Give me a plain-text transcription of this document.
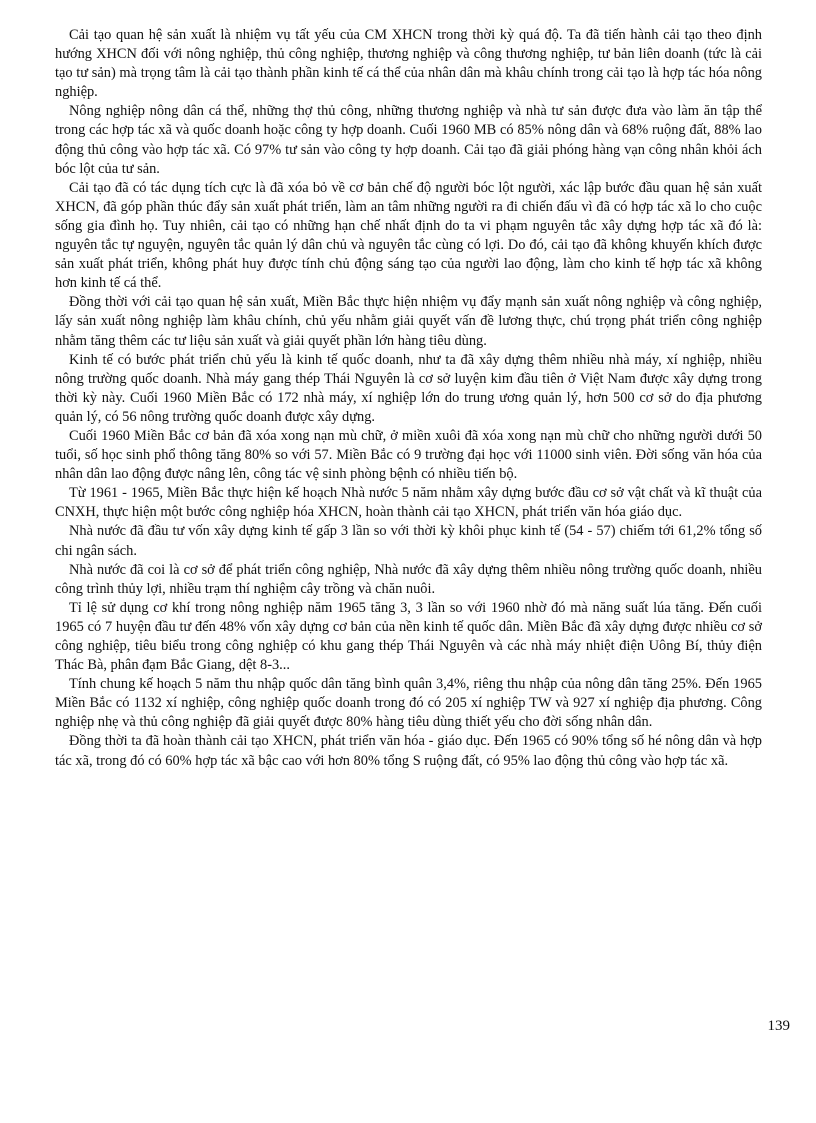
Cải tạo quan hệ sản xuất là nhiệm vụ tất yếu của CM XHCN trong thời kỳ quá độ. Ta đã tiến hành cải tạo theo định hướng XHCN đối với nông nghiệp, thủ công nghiệp, thương nghiệp và công thương nghiệp, tư bản liên doanh (tức là cải tạo tư sản) mà trọng tâm là cải tạo thành phần kinh tế cá thể của nhân dân mà khâu chính trong cải tạo là hợp tác hóa nông nghiệp.

Nông nghiệp nông dân cá thể, những thợ thủ công, những thương nghiệp và nhà tư sản được đưa vào làm ăn tập thể trong các hợp tác xã và quốc doanh hoặc công ty hợp doanh. Cuối 1960 MB có 85% nông dân và 68% ruộng đất, 88% lao động thủ công vào hợp tác xã. Có 97% tư sản vào công ty hợp doanh. Cải tạo đã giải phóng hàng vạn công nhân khỏi ách bóc lột của tư sản.

Cải tạo đã có tác dụng tích cực là đã xóa bỏ về cơ bản chế độ người bóc lột người, xác lập bước đầu quan hệ sản xuất XHCN, đã góp phần thúc đẩy sản xuất phát triển, làm an tâm những người ra đi chiến đấu vì đã có hợp tác xã lo cho cuộc sống gia đình họ. Tuy nhiên, cải tạo có những hạn chế nhất định do ta vi phạm nguyên tắc xây dựng hợp tác xã đó là: nguyên tắc tự nguyện, nguyên tắc quản lý dân chủ và nguyên tắc cùng có lợi. Do đó, cải tạo đã không khuyến khích được sản xuất phát triển, không phát huy được tính chủ động sáng tạo của người lao động, làm cho kinh tế hợp tác xã không hơn kinh tế cá thể.

Đồng thời với cải tạo quan hệ sản xuất, Miền Bắc thực hiện nhiệm vụ đẩy mạnh sản xuất nông nghiệp và công nghiệp, lấy sản xuất nông nghiệp làm khâu chính, chủ yếu nhằm giải quyết vấn đề lương thực, chú trọng phát triển công nghiệp nhằm tăng thêm các tư liệu sản xuất và giải quyết phần lớn hàng tiêu dùng.

Kinh tế có bước phát triển chủ yếu là kinh tế quốc doanh, như ta đã xây dựng thêm nhiều nhà máy, xí nghiệp, nhiều nông trường quốc doanh. Nhà máy gang thép Thái Nguyên là cơ sở luyện kim đầu tiên ở Việt Nam được xây dựng trong thời kỳ này. Cuối 1960 Miền Bắc có 172 nhà máy, xí nghiệp lớn do trung ương quản lý, hơn 500 cơ sở do địa phương quản lý, có 56 nông trường quốc doanh được xây dựng.

Cuối 1960 Miền Bắc cơ bản đã xóa xong nạn mù chữ, ở miền xuôi đã xóa xong nạn mù chữ cho những người dưới 50 tuổi, số học sinh phổ thông tăng 80% so với 57. Miền Bắc có 9 trường đại học với 11000 sinh viên. Đời sống văn hóa của nhân dân lao động được nâng lên, công tác vệ sinh phòng bệnh có nhiều tiến bộ.

Từ 1961 - 1965, Miền Bắc thực hiện kế hoạch Nhà nước 5 năm nhằm xây dựng bước đầu cơ sở vật chất và kĩ thuật của CNXH, thực hiện một bước công nghiệp hóa XHCN, hoàn thành cải tạo XHCN, phát triển văn hóa giáo dục.

Nhà nước đã đầu tư vốn xây dựng kinh tế gấp 3 lần so với thời kỳ khôi phục kinh tế (54 - 57) chiếm tới 61,2% tổng số chi ngân sách.

Nhà nước đã coi là cơ sở để phát triển công nghiệp, Nhà nước đã xây dựng thêm nhiều nông trường quốc doanh, nhiều công trình thủy lợi, nhiều trạm thí nghiệm cây trồng và chăn nuôi.

Tỉ lệ sử dụng cơ khí trong nông nghiệp năm 1965 tăng 3, 3 lần so với 1960 nhờ đó mà năng suất lúa tăng. Đến cuối 1965 có 7 huyện đầu tư đến 48% vốn xây dựng cơ bản của nền kinh tế quốc dân. Miền Bắc đã xây dựng được nhiều cơ sở công nghiệp, tiêu biểu trong công nghiệp có khu gang thép Thái Nguyên và các nhà máy nhiệt điện Uông Bí, thủy điện Thác Bà, phân đạm Bắc Giang, dệt 8-3...

Tính chung kế hoạch 5 năm thu nhập quốc dân tăng bình quân 3,4%, riêng thu nhập của nông dân tăng 25%. Đến 1965 Miền Bắc có 1132 xí nghiệp, công nghiệp quốc doanh trong đó có 205 xí nghiệp TW và 927 xí nghiệp địa phương. Công nghiệp nhẹ và thủ công nghiệp đã giải quyết được 80% hàng tiêu dùng thiết yếu cho đời sống nhân dân.

Đồng thời ta đã hoàn thành cải tạo XHCN, phát triển văn hóa - giáo dục. Đến 1965 có 90% tổng số hé nông dân và hợp tác xã, trong đó có 60% hợp tác xã bậc cao với hơn 80% tổng S ruộng đất, có 95% lao động thủ công vào hợp tác xã.

139
